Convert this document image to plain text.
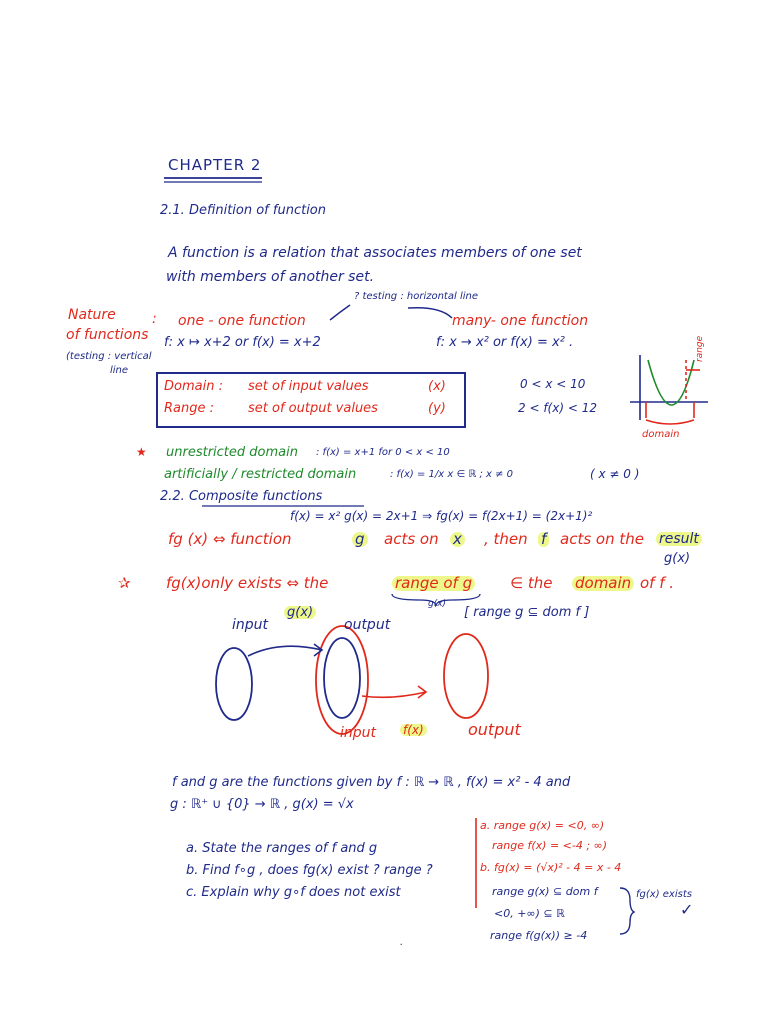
CHAPTER 2
2.1. Definition of function
A function is a relation that associates members of one set
with members of another set.
Nature
of functions
:
(testing : vertical
line
? testing : horizontal line
one - one function
f: x ↦ x+2 or f(x) = x+2
many- one function
f: x → x² or f(x) = x² .
Domain : set of input values	(x)
Range :	set of output values	(y)
0 < x < 10
2 < f(x) < 12
range
domain
★ unrestricted domain : f(x) = x+1 for 0 < x < 10
artificially / restricted domain	: f(x) = 1/x x ∈ ℝ ; x ≠ 0	( x ≠ 0 )
2.2. Composite functions
f(x) = x² g(x) = 2x+1 ⇒ fg(x) = f(2x+1) = (2x+1)²
fg (x) ⇔ function	g acts on x , then f acts on the result
g(x)
✰ fg(x)only exists ⇔ the	range of g	∈ the domain of f .
g(x)
[ range g ⊆ dom f ]
input
g(x)
output
input f(x)	output
f and g are the functions given by f : ℝ → ℝ , f(x) = x² - 4 and
g : ℝ⁺ ∪ {0} → ℝ , g(x) = √x
a. State the ranges of f and g
b. Find f∘g , does fg(x) exist ? range ?
c. Explain why g∘f does not exist
a. range g(x) = <0, ∞)
range f(x) = <-4 ; ∞)
b. fg(x) = (√x)² - 4 = x - 4
range g(x) ⊆ dom f
<0, +∞) ⊆ ℝ
range f(g(x)) ≥ -4
fg(x) exists
✓
.
